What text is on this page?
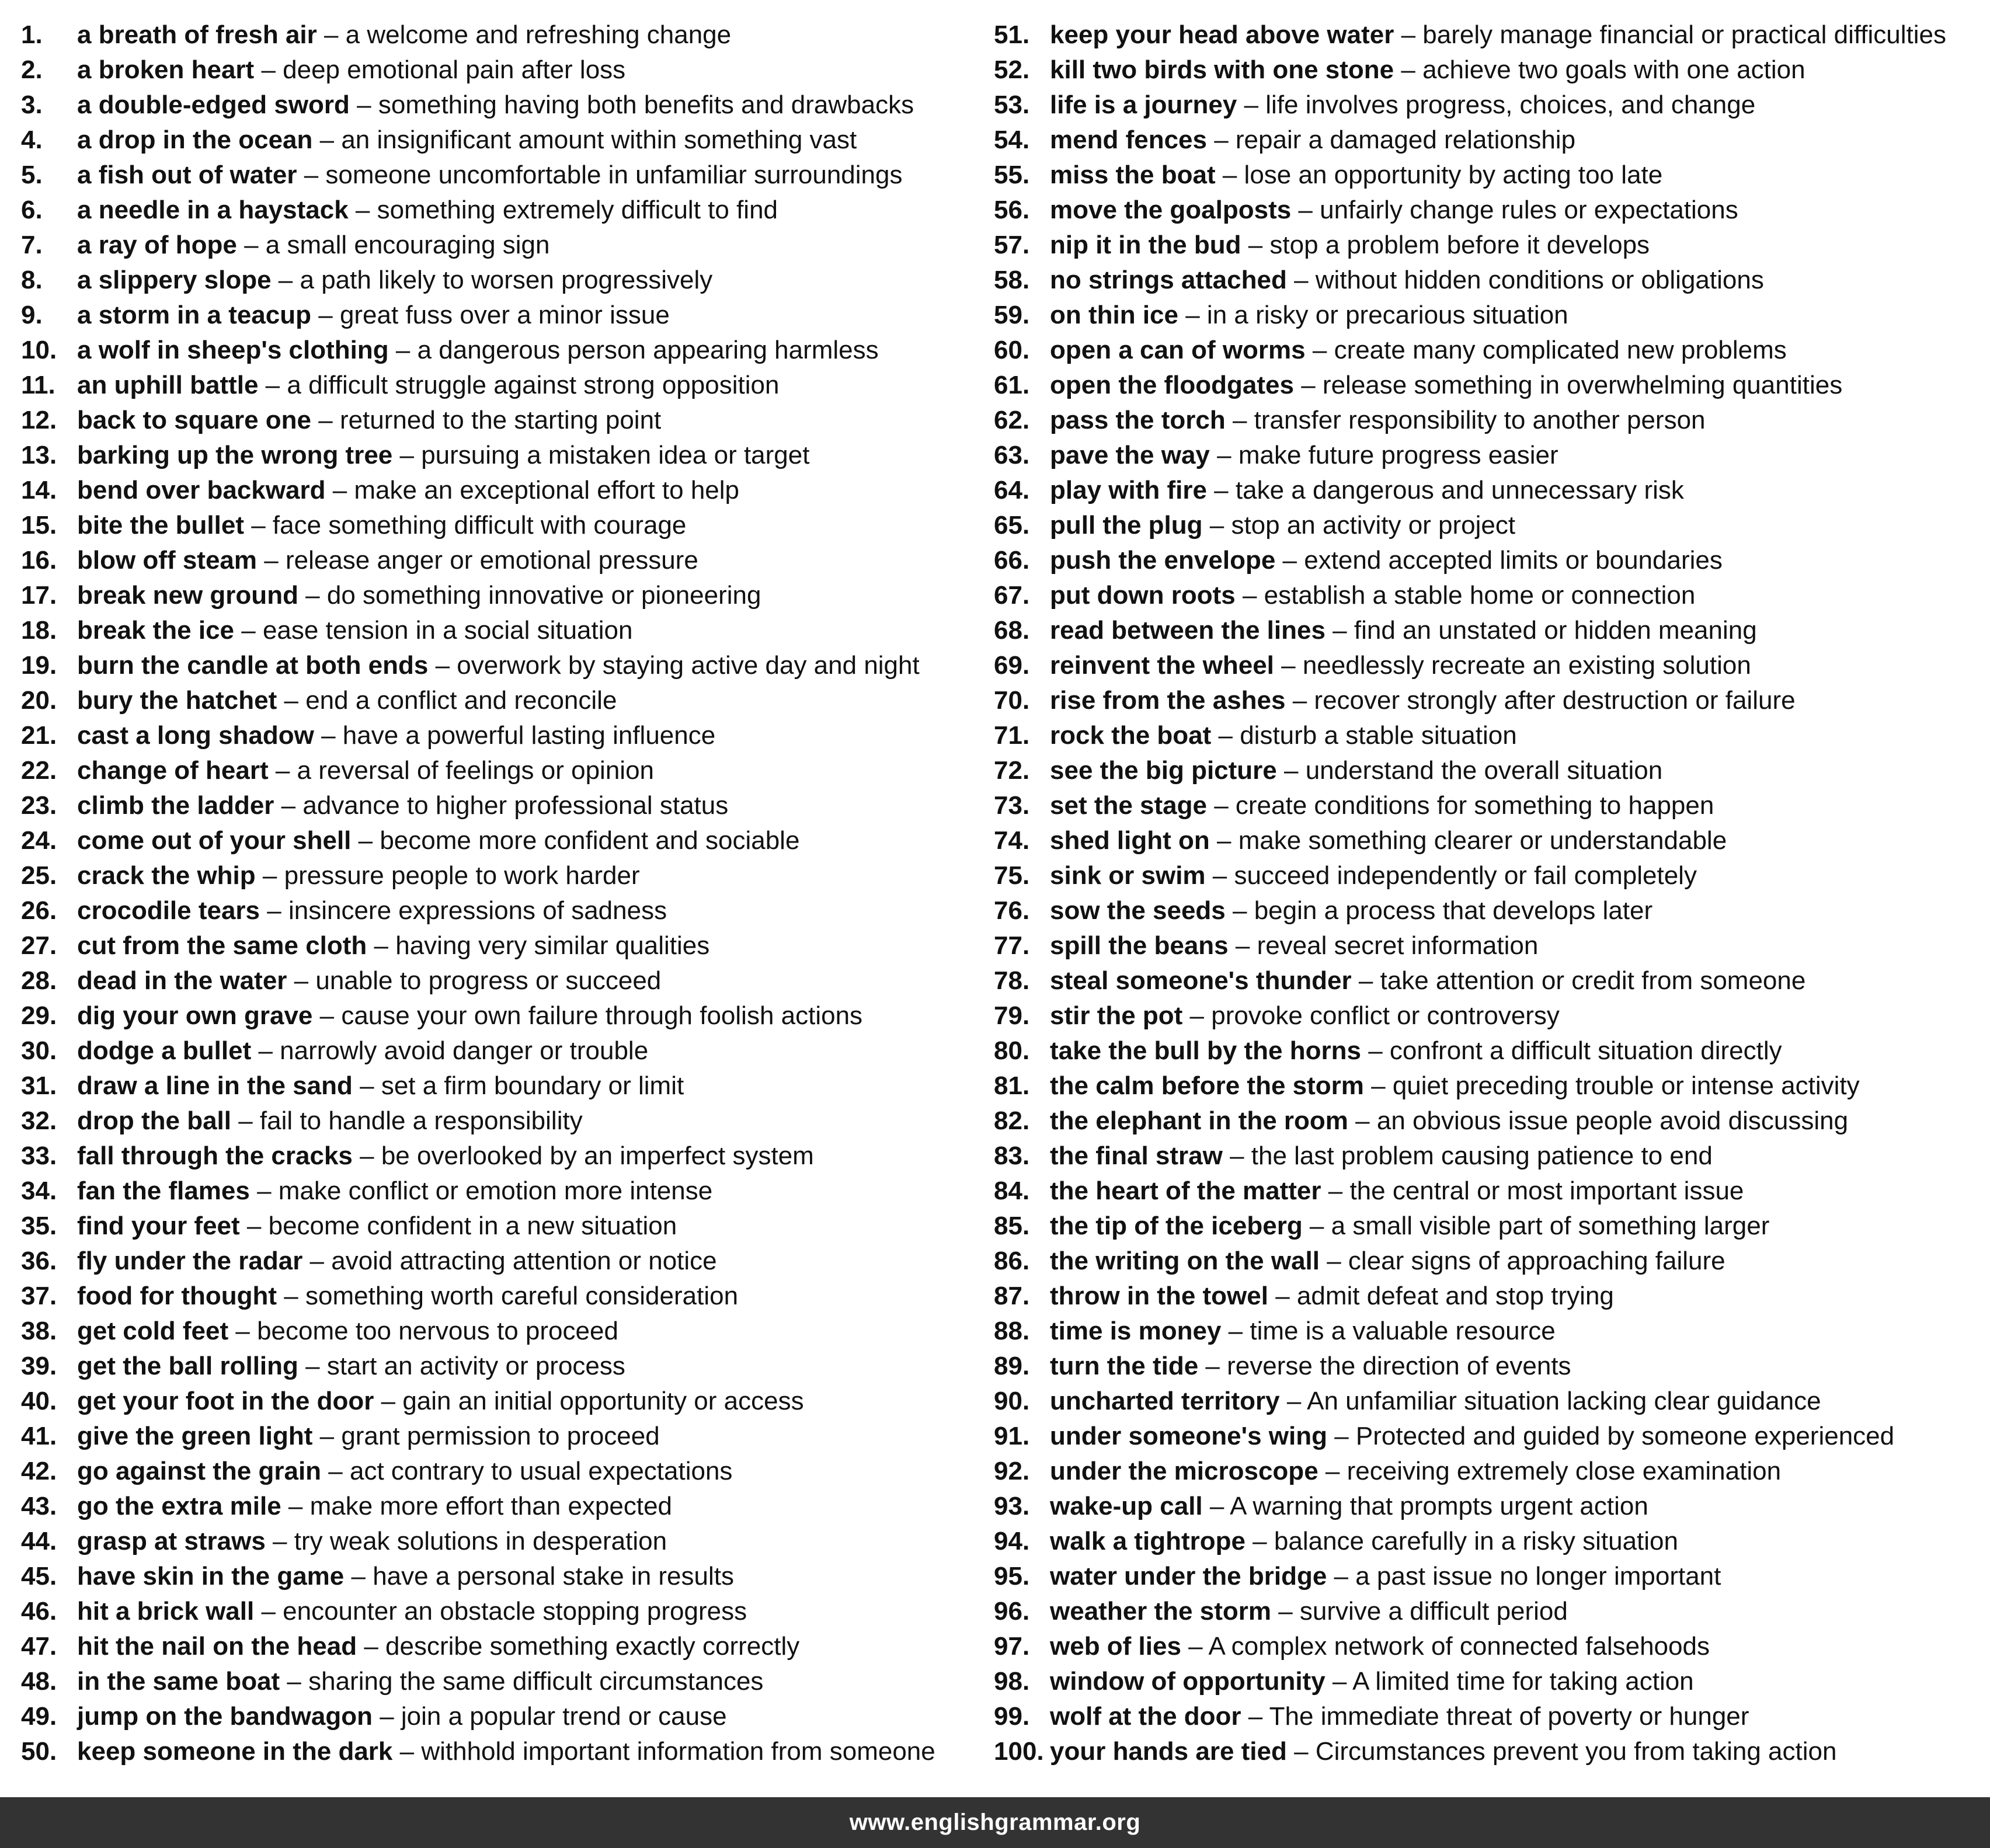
1.	a breath of fresh air – a welcome and refreshing change
2.	a broken heart – deep emotional pain after loss
3.	a double-edged sword – something having both benefits and drawbacks
4.	a drop in the ocean – an insignificant amount within something vast
5.	a fish out of water – someone uncomfortable in unfamiliar surroundings
6.	a needle in a haystack – something extremely difficult to find
7.	a ray of hope – a small encouraging sign
8.	a slippery slope – a path likely to worsen progressively
9.	a storm in a teacup – great fuss over a minor issue
10. a wolf in sheep's clothing – a dangerous person appearing harmless
11. an uphill battle – a difficult struggle against strong opposition
12. back to square one – returned to the starting point
13. barking up the wrong tree – pursuing a mistaken idea or target
14. bend over backward – make an exceptional effort to help
15. bite the bullet – face something difficult with courage
16. blow off steam – release anger or emotional pressure
17. break new ground – do something innovative or pioneering
18. break the ice – ease tension in a social situation
19. burn the candle at both ends – overwork by staying active day and night
20. bury the hatchet – end a conflict and reconcile
21. cast a long shadow – have a powerful lasting influence
22. change of heart – a reversal of feelings or opinion
23. climb the ladder – advance to higher professional status
24. come out of your shell – become more confident and sociable
25. crack the whip – pressure people to work harder
26. crocodile tears – insincere expressions of sadness
27. cut from the same cloth – having very similar qualities
28. dead in the water – unable to progress or succeed
29. dig your own grave – cause your own failure through foolish actions
30. dodge a bullet – narrowly avoid danger or trouble
31. draw a line in the sand – set a firm boundary or limit
32. drop the ball – fail to handle a responsibility
33. fall through the cracks – be overlooked by an imperfect system
34. fan the flames – make conflict or emotion more intense
35. find your feet – become confident in a new situation
36. fly under the radar – avoid attracting attention or notice
37. food for thought – something worth careful consideration
38. get cold feet – become too nervous to proceed
39. get the ball rolling – start an activity or process
40. get your foot in the door – gain an initial opportunity or access
41. give the green light – grant permission to proceed
42. go against the grain – act contrary to usual expectations
43. go the extra mile – make more effort than expected
44. grasp at straws – try weak solutions in desperation
45. have skin in the game – have a personal stake in results
46. hit a brick wall – encounter an obstacle stopping progress
47. hit the nail on the head – describe something exactly correctly
48. in the same boat – sharing the same difficult circumstances
49. jump on the bandwagon – join a popular trend or cause
50. keep someone in the dark – withhold important information from someone
51. keep your head above water – barely manage financial or practical difficulties
52. kill two birds with one stone – achieve two goals with one action
53. life is a journey – life involves progress, choices, and change
54. mend fences – repair a damaged relationship
55. miss the boat – lose an opportunity by acting too late
56. move the goalposts – unfairly change rules or expectations
57. nip it in the bud – stop a problem before it develops
58. no strings attached – without hidden conditions or obligations
59. on thin ice – in a risky or precarious situation
60. open a can of worms – create many complicated new problems
61. open the floodgates – release something in overwhelming quantities
62. pass the torch – transfer responsibility to another person
63. pave the way – make future progress easier
64. play with fire – take a dangerous and unnecessary risk
65. pull the plug – stop an activity or project
66. push the envelope – extend accepted limits or boundaries
67. put down roots – establish a stable home or connection
68. read between the lines – find an unstated or hidden meaning
69. reinvent the wheel – needlessly recreate an existing solution
70. rise from the ashes – recover strongly after destruction or failure
71. rock the boat – disturb a stable situation
72. see the big picture – understand the overall situation
73. set the stage – create conditions for something to happen
74. shed light on – make something clearer or understandable
75. sink or swim – succeed independently or fail completely
76. sow the seeds – begin a process that develops later
77. spill the beans – reveal secret information
78. steal someone's thunder – take attention or credit from someone
79. stir the pot – provoke conflict or controversy
80. take the bull by the horns – confront a difficult situation directly
81. the calm before the storm – quiet preceding trouble or intense activity
82. the elephant in the room – an obvious issue people avoid discussing
83. the final straw – the last problem causing patience to end
84. the heart of the matter – the central or most important issue
85. the tip of the iceberg – a small visible part of something larger
86. the writing on the wall – clear signs of approaching failure
87. throw in the towel – admit defeat and stop trying
88. time is money – time is a valuable resource
89. turn the tide – reverse the direction of events
90. uncharted territory – An unfamiliar situation lacking clear guidance
91. under someone's wing – Protected and guided by someone experienced
92. under the microscope – receiving extremely close examination
93. wake-up call – A warning that prompts urgent action
94. walk a tightrope – balance carefully in a risky situation
95. water under the bridge – a past issue no longer important
96. weather the storm – survive a difficult period
97. web of lies – A complex network of connected falsehoods
98. window of opportunity – A limited time for taking action
99. wolf at the door – The immediate threat of poverty or hunger
100. your hands are tied – Circumstances prevent you from taking action
www.englishgrammar.org
